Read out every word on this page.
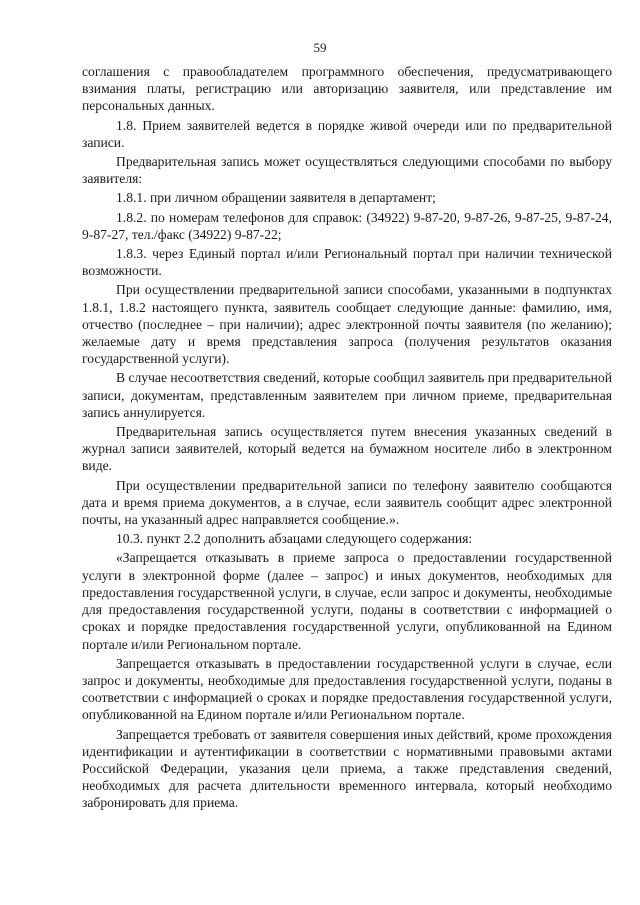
59

соглашения с правообладателем программного обеспечения, предусматривающего взимания платы, регистрацию или авторизацию заявителя, или представление им персональных данных.

1.8. Прием заявителей ведется в порядке живой очереди или по предварительной записи.

Предварительная запись может осуществляться следующими способами по выбору заявителя:

1.8.1. при личном обращении заявителя в департамент;

1.8.2. по номерам телефонов для справок: (34922) 9-87-20, 9-87-26, 9-87-25, 9-87-24, 9-87-27, тел./факс (34922) 9-87-22;

1.8.3. через Единый портал и/или Региональный портал при наличии технической возможности.

При осуществлении предварительной записи способами, указанными в подпунктах 1.8.1, 1.8.2 настоящего пункта, заявитель сообщает следующие данные: фамилию, имя, отчество (последнее – при наличии); адрес электронной почты заявителя (по желанию); желаемые дату и время представления запроса (получения результатов оказания государственной услуги).

В случае несоответствия сведений, которые сообщил заявитель при предварительной записи, документам, представленным заявителем при личном приеме, предварительная запись аннулируется.

Предварительная запись осуществляется путем внесения указанных сведений в журнал записи заявителей, который ведется на бумажном носителе либо в электронном виде.

При осуществлении предварительной записи по телефону заявителю сообщаются дата и время приема документов, а в случае, если заявитель сообщит адрес электронной почты, на указанный адрес направляется сообщение.».

10.3. пункт 2.2 дополнить абзацами следующего содержания:

«Запрещается отказывать в приеме запроса о предоставлении государственной услуги в электронной форме (далее – запрос) и иных документов, необходимых для предоставления государственной услуги, в случае, если запрос и документы, необходимые для предоставления государственной услуги, поданы в соответствии с информацией о сроках и порядке предоставления государственной услуги, опубликованной на Едином портале и/или Региональном портале.

Запрещается отказывать в предоставлении государственной услуги в случае, если запрос и документы, необходимые для предоставления государственной услуги, поданы в соответствии с информацией о сроках и порядке предоставления государственной услуги, опубликованной на Едином портале и/или Региональном портале.

Запрещается требовать от заявителя совершения иных действий, кроме прохождения идентификации и аутентификации в соответствии с нормативными правовыми актами Российской Федерации, указания цели приема, а также представления сведений, необходимых для расчета длительности временного интервала, который необходимо забронировать для приема.
